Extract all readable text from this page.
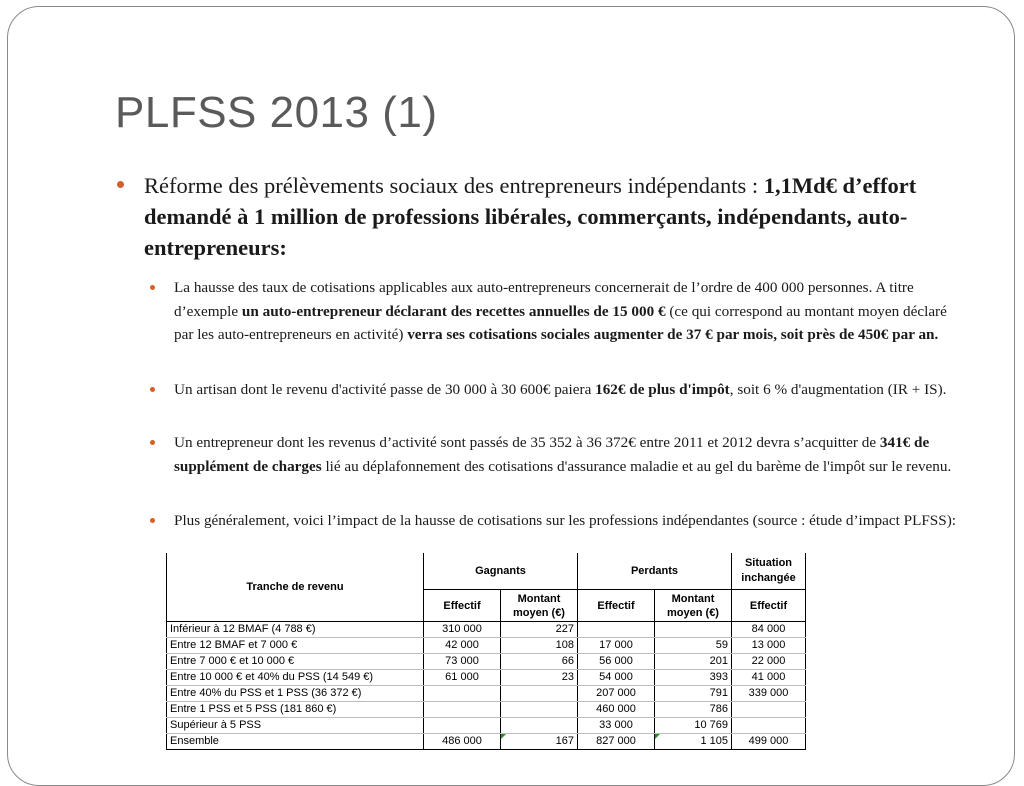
PLFSS 2013 (1)
Réforme des prélèvements sociaux des entrepreneurs indépendants : 1,1Md€ d’effort demandé à 1 million de professions libérales, commerçants, indépendants, auto-entrepreneurs:
La hausse des taux de cotisations applicables aux auto-entrepreneurs concernerait de l’ordre de 400 000 personnes. A titre d’exemple un auto-entrepreneur déclarant des recettes annuelles de 15 000 € (ce qui correspond au montant moyen déclaré par les auto-entrepreneurs en activité) verra ses cotisations sociales augmenter de 37 € par mois, soit près de 450€ par an.
Un artisan dont le revenu d'activité passe de 30 000 à 30 600€ paiera 162€ de plus d'impôt, soit 6 % d'augmentation (IR + IS).
Un entrepreneur dont les revenus d’activité sont passés de 35 352 à 36 372€ entre 2011 et 2012 devra s’acquitter de 341€ de supplément de charges lié au déplafonnement des cotisations d'assurance maladie et au gel du barème de l'impôt sur le revenu.
Plus généralement, voici l’impact de la hausse de cotisations sur les professions indépendantes (source : étude d’impact PLFSS):
Tranche de revenu	Gagnants		Perdants		Situation inchangée
	Effectif	Montant moyen (€)	Effectif	Montant moyen (€)	Effectif
Inférieur à 12 BMAF (4 788 €)	310 000	227			84 000
Entre 12 BMAF et 7 000 €	42 000	108	17 000	59	13 000
Entre 7 000 € et 10 000 €	73 000	66	56 000	201	22 000
Entre 10 000 € et 40% du PSS (14 549 €)	61 000	23	54 000	393	41 000
Entre 40% du PSS et 1 PSS (36 372 €)			207 000	791	339 000
Entre 1 PSS et 5 PSS (181 860 €)			460 000	786	
Supérieur à 5 PSS			33 000	10 769	
Ensemble	486 000	167	827 000	1 105	499 000
